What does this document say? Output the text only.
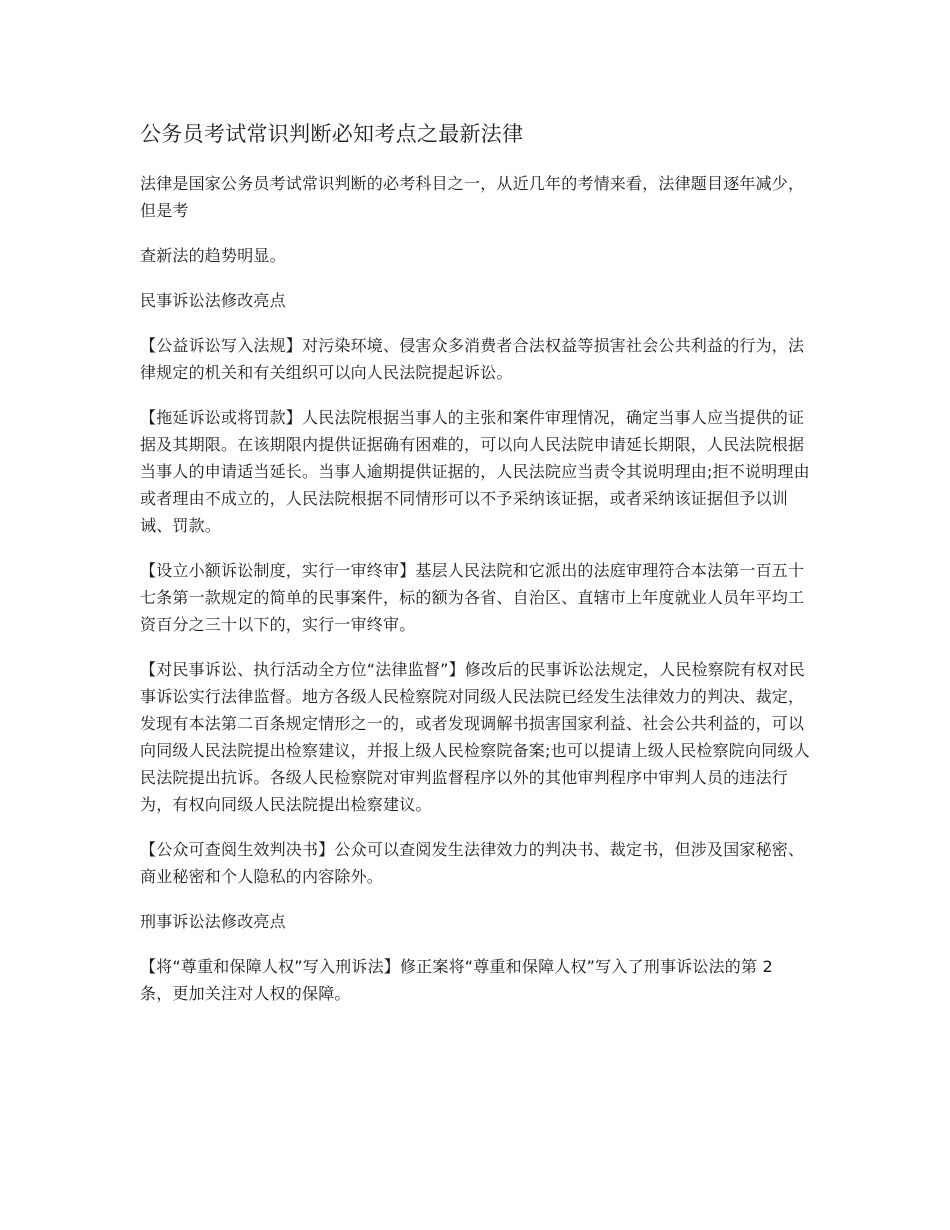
公务员考试常识判断必知考点之最新法律

法律是国家公务员考试常识判断的必考科目之一，从近几年的考情来看，法律题目逐年减少，但是考

查新法的趋势明显。

民事诉讼法修改亮点

【公益诉讼写入法规】对污染环境、侵害众多消费者合法权益等损害社会公共利益的行为，法律规定的机关和有关组织可以向人民法院提起诉讼。

【拖延诉讼或将罚款】人民法院根据当事人的主张和案件审理情况，确定当事人应当提供的证据及其期限。在该期限内提供证据确有困难的，可以向人民法院申请延长期限，人民法院根据当事人的申请适当延长。当事人逾期提供证据的，人民法院应当责令其说明理由;拒不说明理由或者理由不成立的，人民法院根据不同情形可以不予采纳该证据，或者采纳该证据但予以训诫、罚款。

【设立小额诉讼制度，实行一审终审】基层人民法院和它派出的法庭审理符合本法第一百五十七条第一款规定的简单的民事案件，标的额为各省、自治区、直辖市上年度就业人员年平均工资百分之三十以下的，实行一审终审。

【对民事诉讼、执行活动全方位“法律监督”】修改后的民事诉讼法规定，人民检察院有权对民事诉讼实行法律监督。地方各级人民检察院对同级人民法院已经发生法律效力的判决、裁定，发现有本法第二百条规定情形之一的，或者发现调解书损害国家利益、社会公共利益的，可以向同级人民法院提出检察建议，并报上级人民检察院备案;也可以提请上级人民检察院向同级人民法院提出抗诉。各级人民检察院对审判监督程序以外的其他审判程序中审判人员的违法行为，有权向同级人民法院提出检察建议。

【公众可查阅生效判决书】公众可以查阅发生法律效力的判决书、裁定书，但涉及国家秘密、商业秘密和个人隐私的内容除外。

刑事诉讼法修改亮点

【将“尊重和保障人权”写入刑诉法】修正案将“尊重和保障人权”写入了刑事诉讼法的第 2 条，更加关注对人权的保障。
